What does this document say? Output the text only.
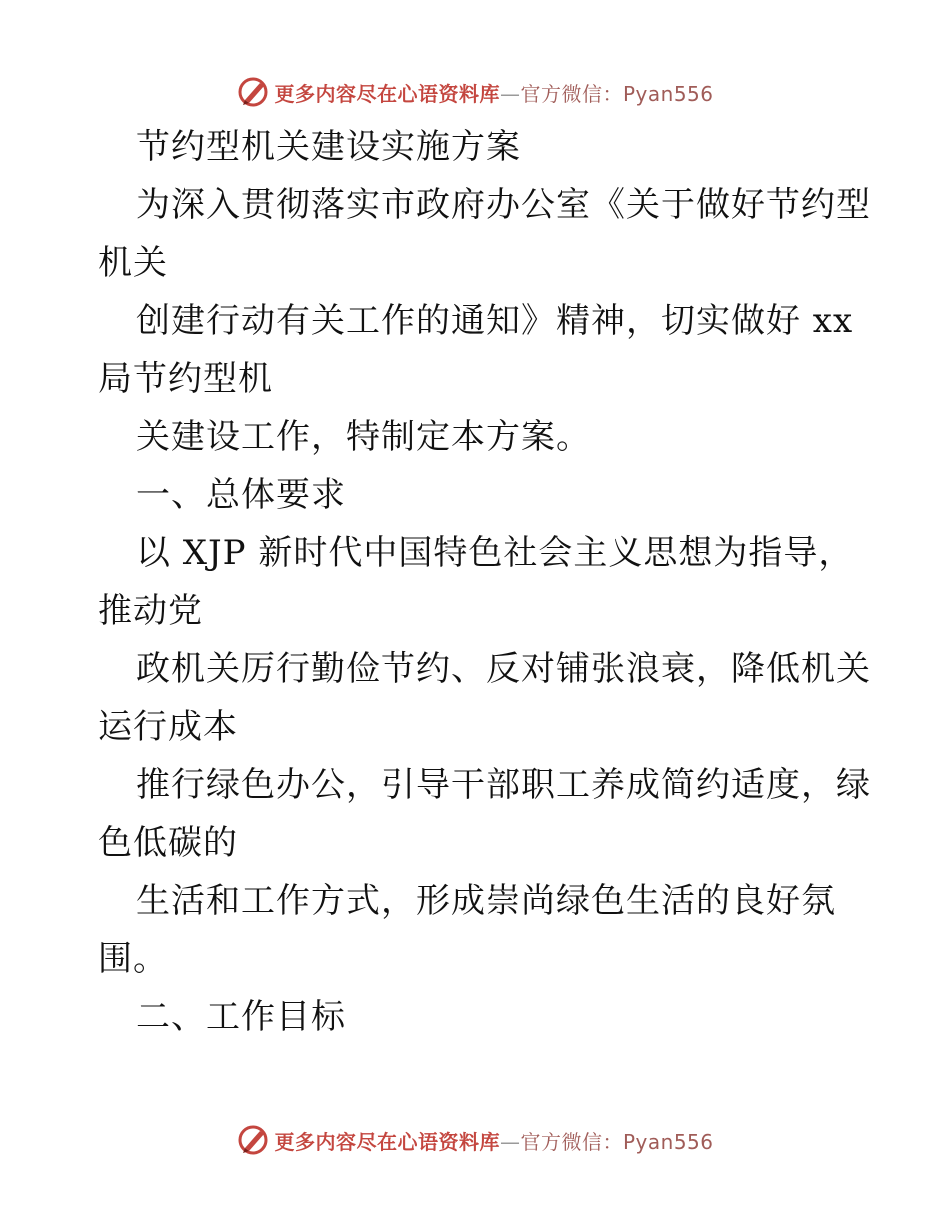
更多内容尽在心语资料库—官方微信：Pyan556

节约型机关建设实施方案

为深入贯彻落实市政府办公室《关于做好节约型

机关

创建行动有关工作的通知》精神，切实做好 xx

局节约型机

关建设工作，特制定本方案。

一、总体要求

以 XJP 新时代中国特色社会主义思想为指导，

推动党

政机关厉行勤俭节约、反对铺张浪衰，降低机关

运行成本

推行绿色办公，引导干部职工养成简约适度，绿

色低碳的

生活和工作方式，形成崇尚绿色生活的良好氛

围。

二、工作目标

更多内容尽在心语资料库—官方微信：Pyan556
